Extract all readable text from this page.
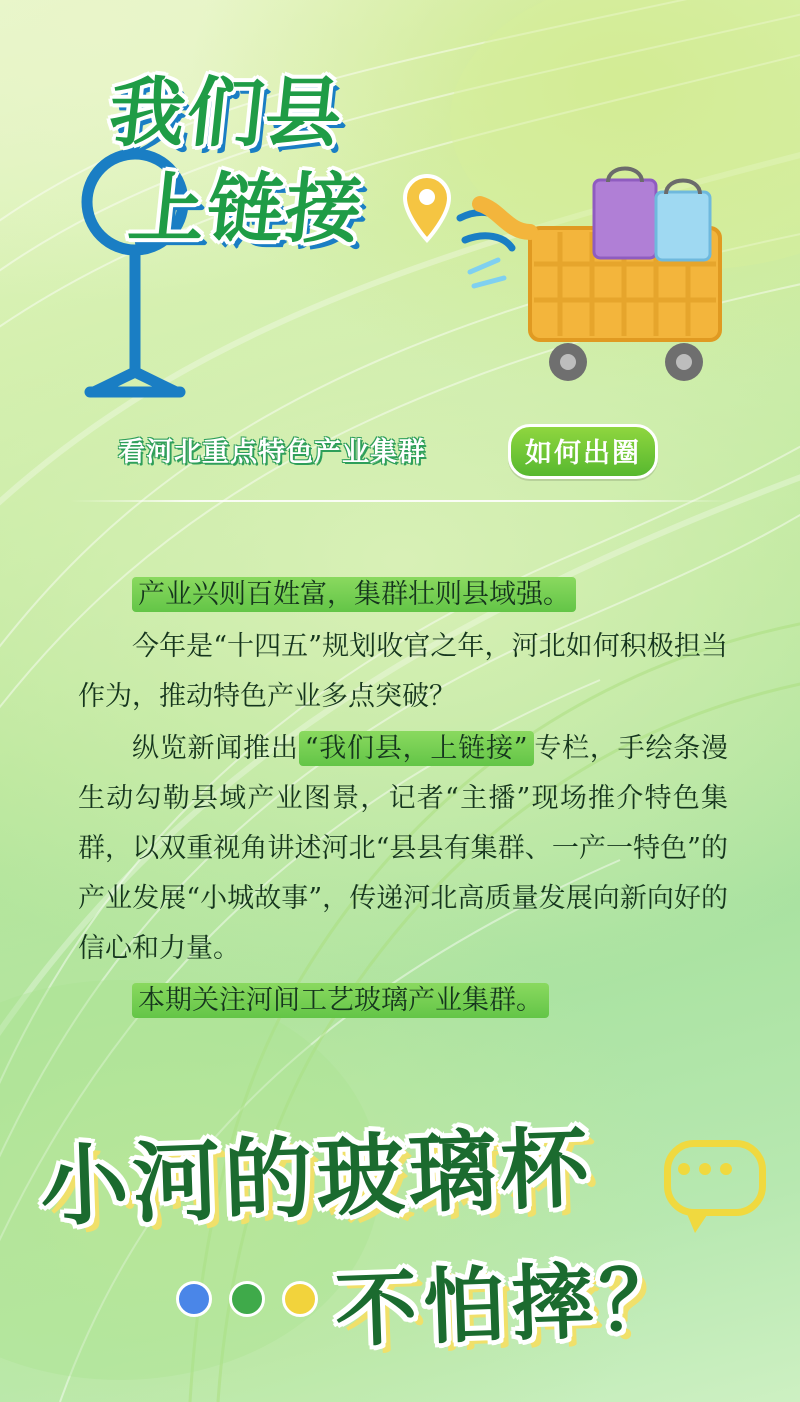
我们县
上链接
看河北重点特色产业集群	如何出圈

产业兴则百姓富，集群壮则县域强。

今年是“十四五”规划收官之年，河北如何积极担当作为，推动特色产业多点突破？

纵览新闻推出 “我们县，上链接” 专栏，手绘条漫生动勾勒县域产业图景，记者“主播”现场推介特色集群，以双重视角讲述河北“县县有集群、一产一特色”的产业发展“小城故事”，传递河北高质量发展向新向好的信心和力量。

本期关注河间工艺玻璃产业集群。

小河的玻璃杯
不怕摔？
